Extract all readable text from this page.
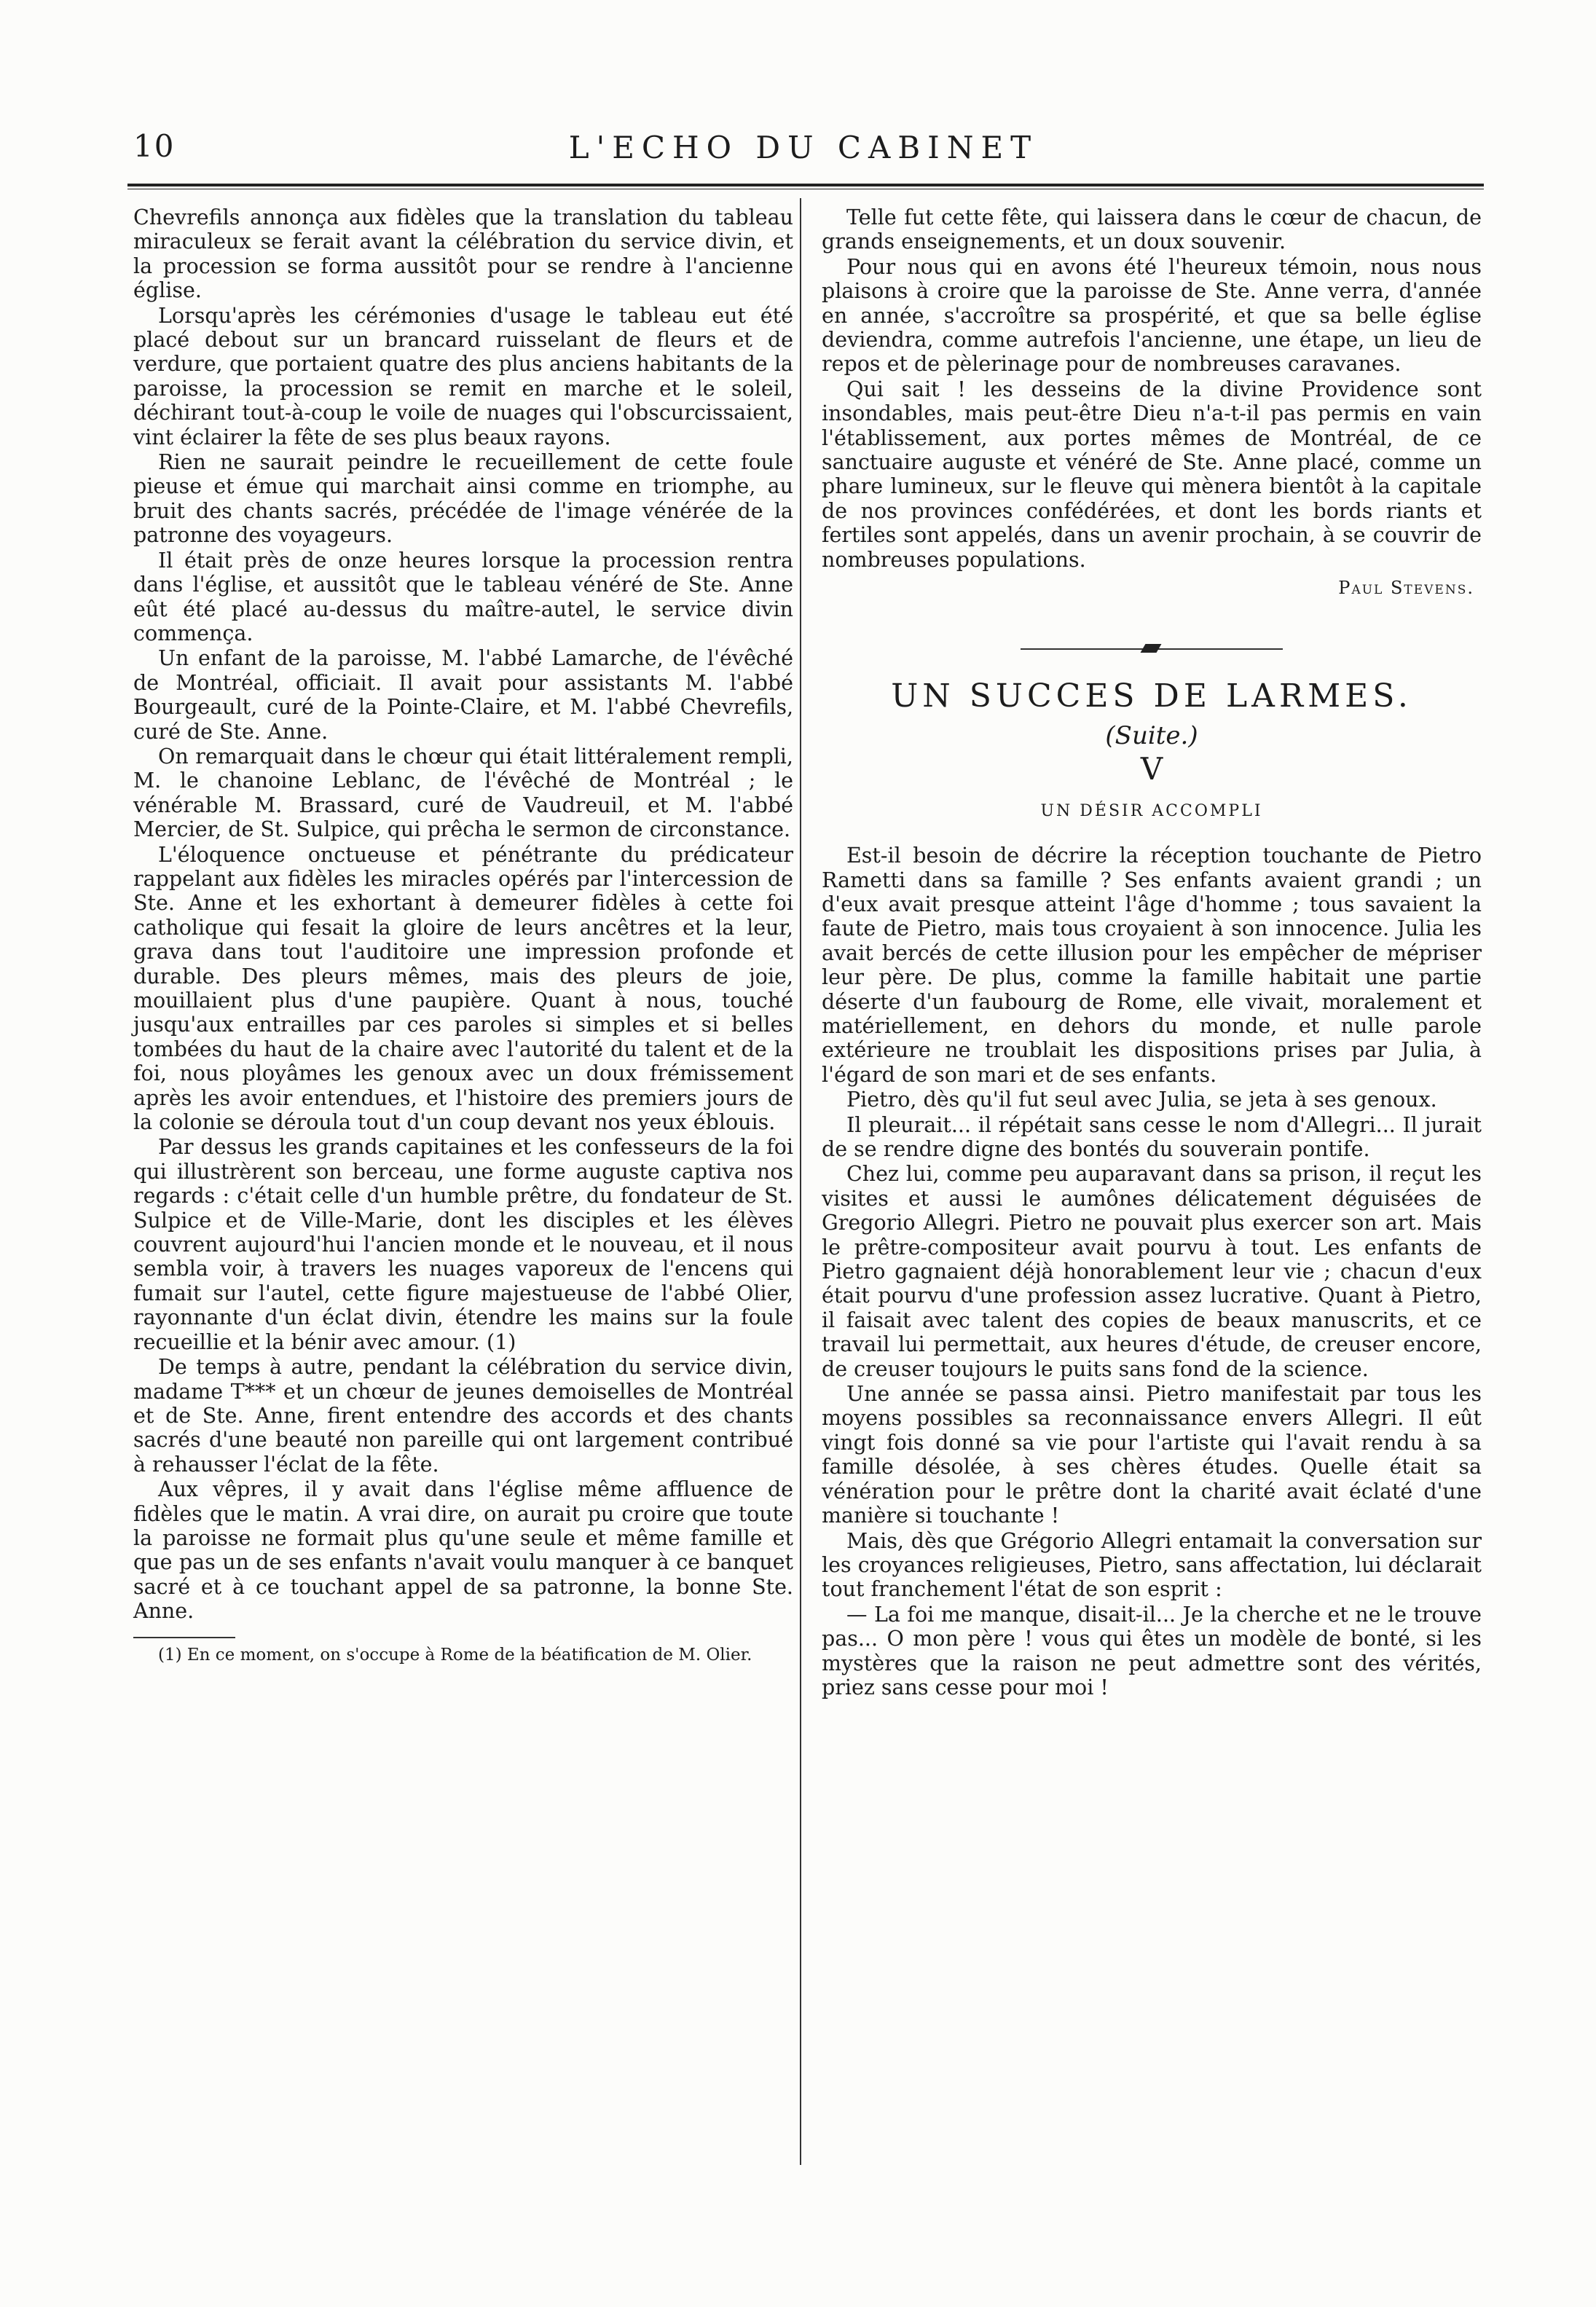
10	L'ECHO DU CABINET

Chevrefils annonça aux fidèles que la translation du tableau miraculeux se ferait avant la célébration du service divin, et la procession se forma aussitôt pour se rendre à l'ancienne église.

Lorsqu'après les cérémonies d'usage le tableau eut été placé debout sur un brancard ruisselant de fleurs et de verdure, que portaient quatre des plus anciens habitants de la paroisse, la procession se remit en marche et le soleil, déchirant tout-à-coup le voile de nuages qui l'obscurcissaient, vint éclairer la fête de ses plus beaux rayons.

Rien ne saurait peindre le recueillement de cette foule pieuse et émue qui marchait ainsi comme en triomphe, au bruit des chants sacrés, précédée de l'image vénérée de la patronne des voyageurs.

Il était près de onze heures lorsque la procession rentra dans l'église, et aussitôt que le tableau vénéré de Ste. Anne eût été placé au-dessus du maître-autel, le service divin commença.

Un enfant de la paroisse, M. l'abbé Lamarche, de l'évêché de Montréal, officiait. Il avait pour assistants M. l'abbé Bourgeault, curé de la Pointe-Claire, et M. l'abbé Chevrefils, curé de Ste. Anne.

On remarquait dans le chœur qui était littéralement rempli, M. le chanoine Leblanc, de l'évêché de Montréal ; le vénérable M. Brassard, curé de Vaudreuil, et M. l'abbé Mercier, de St. Sulpice, qui prêcha le sermon de circonstance.

L'éloquence onctueuse et pénétrante du prédicateur rappelant aux fidèles les miracles opérés par l'intercession de Ste. Anne et les exhortant à demeurer fidèles à cette foi catholique qui fesait la gloire de leurs ancêtres et la leur, grava dans tout l'auditoire une impression profonde et durable. Des pleurs mêmes, mais des pleurs de joie, mouillaient plus d'une paupière. Quant à nous, touché jusqu'aux entrailles par ces paroles si simples et si belles tombées du haut de la chaire avec l'autorité du talent et de la foi, nous ployâmes les genoux avec un doux frémissement après les avoir entendues, et l'histoire des premiers jours de la colonie se déroula tout d'un coup devant nos yeux éblouis.

Par dessus les grands capitaines et les confesseurs de la foi qui illustrèrent son berceau, une forme auguste captiva nos regards : c'était celle d'un humble prêtre, du fondateur de St. Sulpice et de Ville-Marie, dont les disciples et les élèves couvrent aujourd'hui l'ancien monde et le nouveau, et il nous sembla voir, à travers les nuages vaporeux de l'encens qui fumait sur l'autel, cette figure majestueuse de l'abbé Olier, rayonnante d'un éclat divin, étendre les mains sur la foule recueillie et la bénir avec amour. (1)

De temps à autre, pendant la célébration du service divin, madame T*** et un chœur de jeunes demoiselles de Montréal et de Ste. Anne, firent entendre des accords et des chants sacrés d'une beauté non pareille qui ont largement contribué à rehausser l'éclat de la fête.

Aux vêpres, il y avait dans l'église même affluence de fidèles que le matin. A vrai dire, on aurait pu croire que toute la paroisse ne formait plus qu'une seule et même famille et que pas un de ses enfants n'avait voulu manquer à ce banquet sacré et à ce touchant appel de sa patronne, la bonne Ste. Anne.

(1) En ce moment, on s'occupe à Rome de la béatification de M. Olier.

Telle fut cette fête, qui laissera dans le cœur de chacun, de grands enseignements, et un doux souvenir.

Pour nous qui en avons été l'heureux témoin, nous nous plaisons à croire que la paroisse de Ste. Anne verra, d'année en année, s'accroître sa prospérité, et que sa belle église deviendra, comme autrefois l'ancienne, une étape, un lieu de repos et de pèlerinage pour de nombreuses caravanes.

Qui sait ! les desseins de la divine Providence sont insondables, mais peut-être Dieu n'a-t-il pas permis en vain l'établissement, aux portes mêmes de Montréal, de ce sanctuaire auguste et vénéré de Ste. Anne placé, comme un phare lumineux, sur le fleuve qui mènera bientôt à la capitale de nos provinces confédérées, et dont les bords riants et fertiles sont appelés, dans un avenir prochain, à se couvrir de nombreuses populations.

Paul Stevens.
UN SUCCES DE LARMES.
(Suite.)
V
UN DÉSIR ACCOMPLI

Est-il besoin de décrire la réception touchante de Pietro Rametti dans sa famille ? Ses enfants avaient grandi ; un d'eux avait presque atteint l'âge d'homme ; tous savaient la faute de Pietro, mais tous croyaient à son innocence. Julia les avait bercés de cette illusion pour les empêcher de mépriser leur père. De plus, comme la famille habitait une partie déserte d'un faubourg de Rome, elle vivait, moralement et matériellement, en dehors du monde, et nulle parole extérieure ne troublait les dispositions prises par Julia, à l'égard de son mari et de ses enfants.

Pietro, dès qu'il fut seul avec Julia, se jeta à ses genoux.

Il pleurait... il répétait sans cesse le nom d'Allegri... Il jurait de se rendre digne des bontés du souverain pontife.

Chez lui, comme peu auparavant dans sa prison, il reçut les visites et aussi le aumônes délicatement déguisées de Gregorio Allegri. Pietro ne pouvait plus exercer son art. Mais le prêtre-compositeur avait pourvu à tout. Les enfants de Pietro gagnaient déjà honorablement leur vie ; chacun d'eux était pourvu d'une profession assez lucrative. Quant à Pietro, il faisait avec talent des copies de beaux manuscrits, et ce travail lui permettait, aux heures d'étude, de creuser encore, de creuser toujours le puits sans fond de la science.

Une année se passa ainsi. Pietro manifestait par tous les moyens possibles sa reconnaissance envers Allegri. Il eût vingt fois donné sa vie pour l'artiste qui l'avait rendu à sa famille désolée, à ses chères études. Quelle était sa vénération pour le prêtre dont la charité avait éclaté d'une manière si touchante !

Mais, dès que Grégorio Allegri entamait la conversation sur les croyances religieuses, Pietro, sans affectation, lui déclarait tout franchement l'état de son esprit :

— La foi me manque, disait-il... Je la cherche et ne le trouve pas... O mon père ! vous qui êtes un modèle de bonté, si les mystères que la raison ne peut admettre sont des vérités, priez sans cesse pour moi !
